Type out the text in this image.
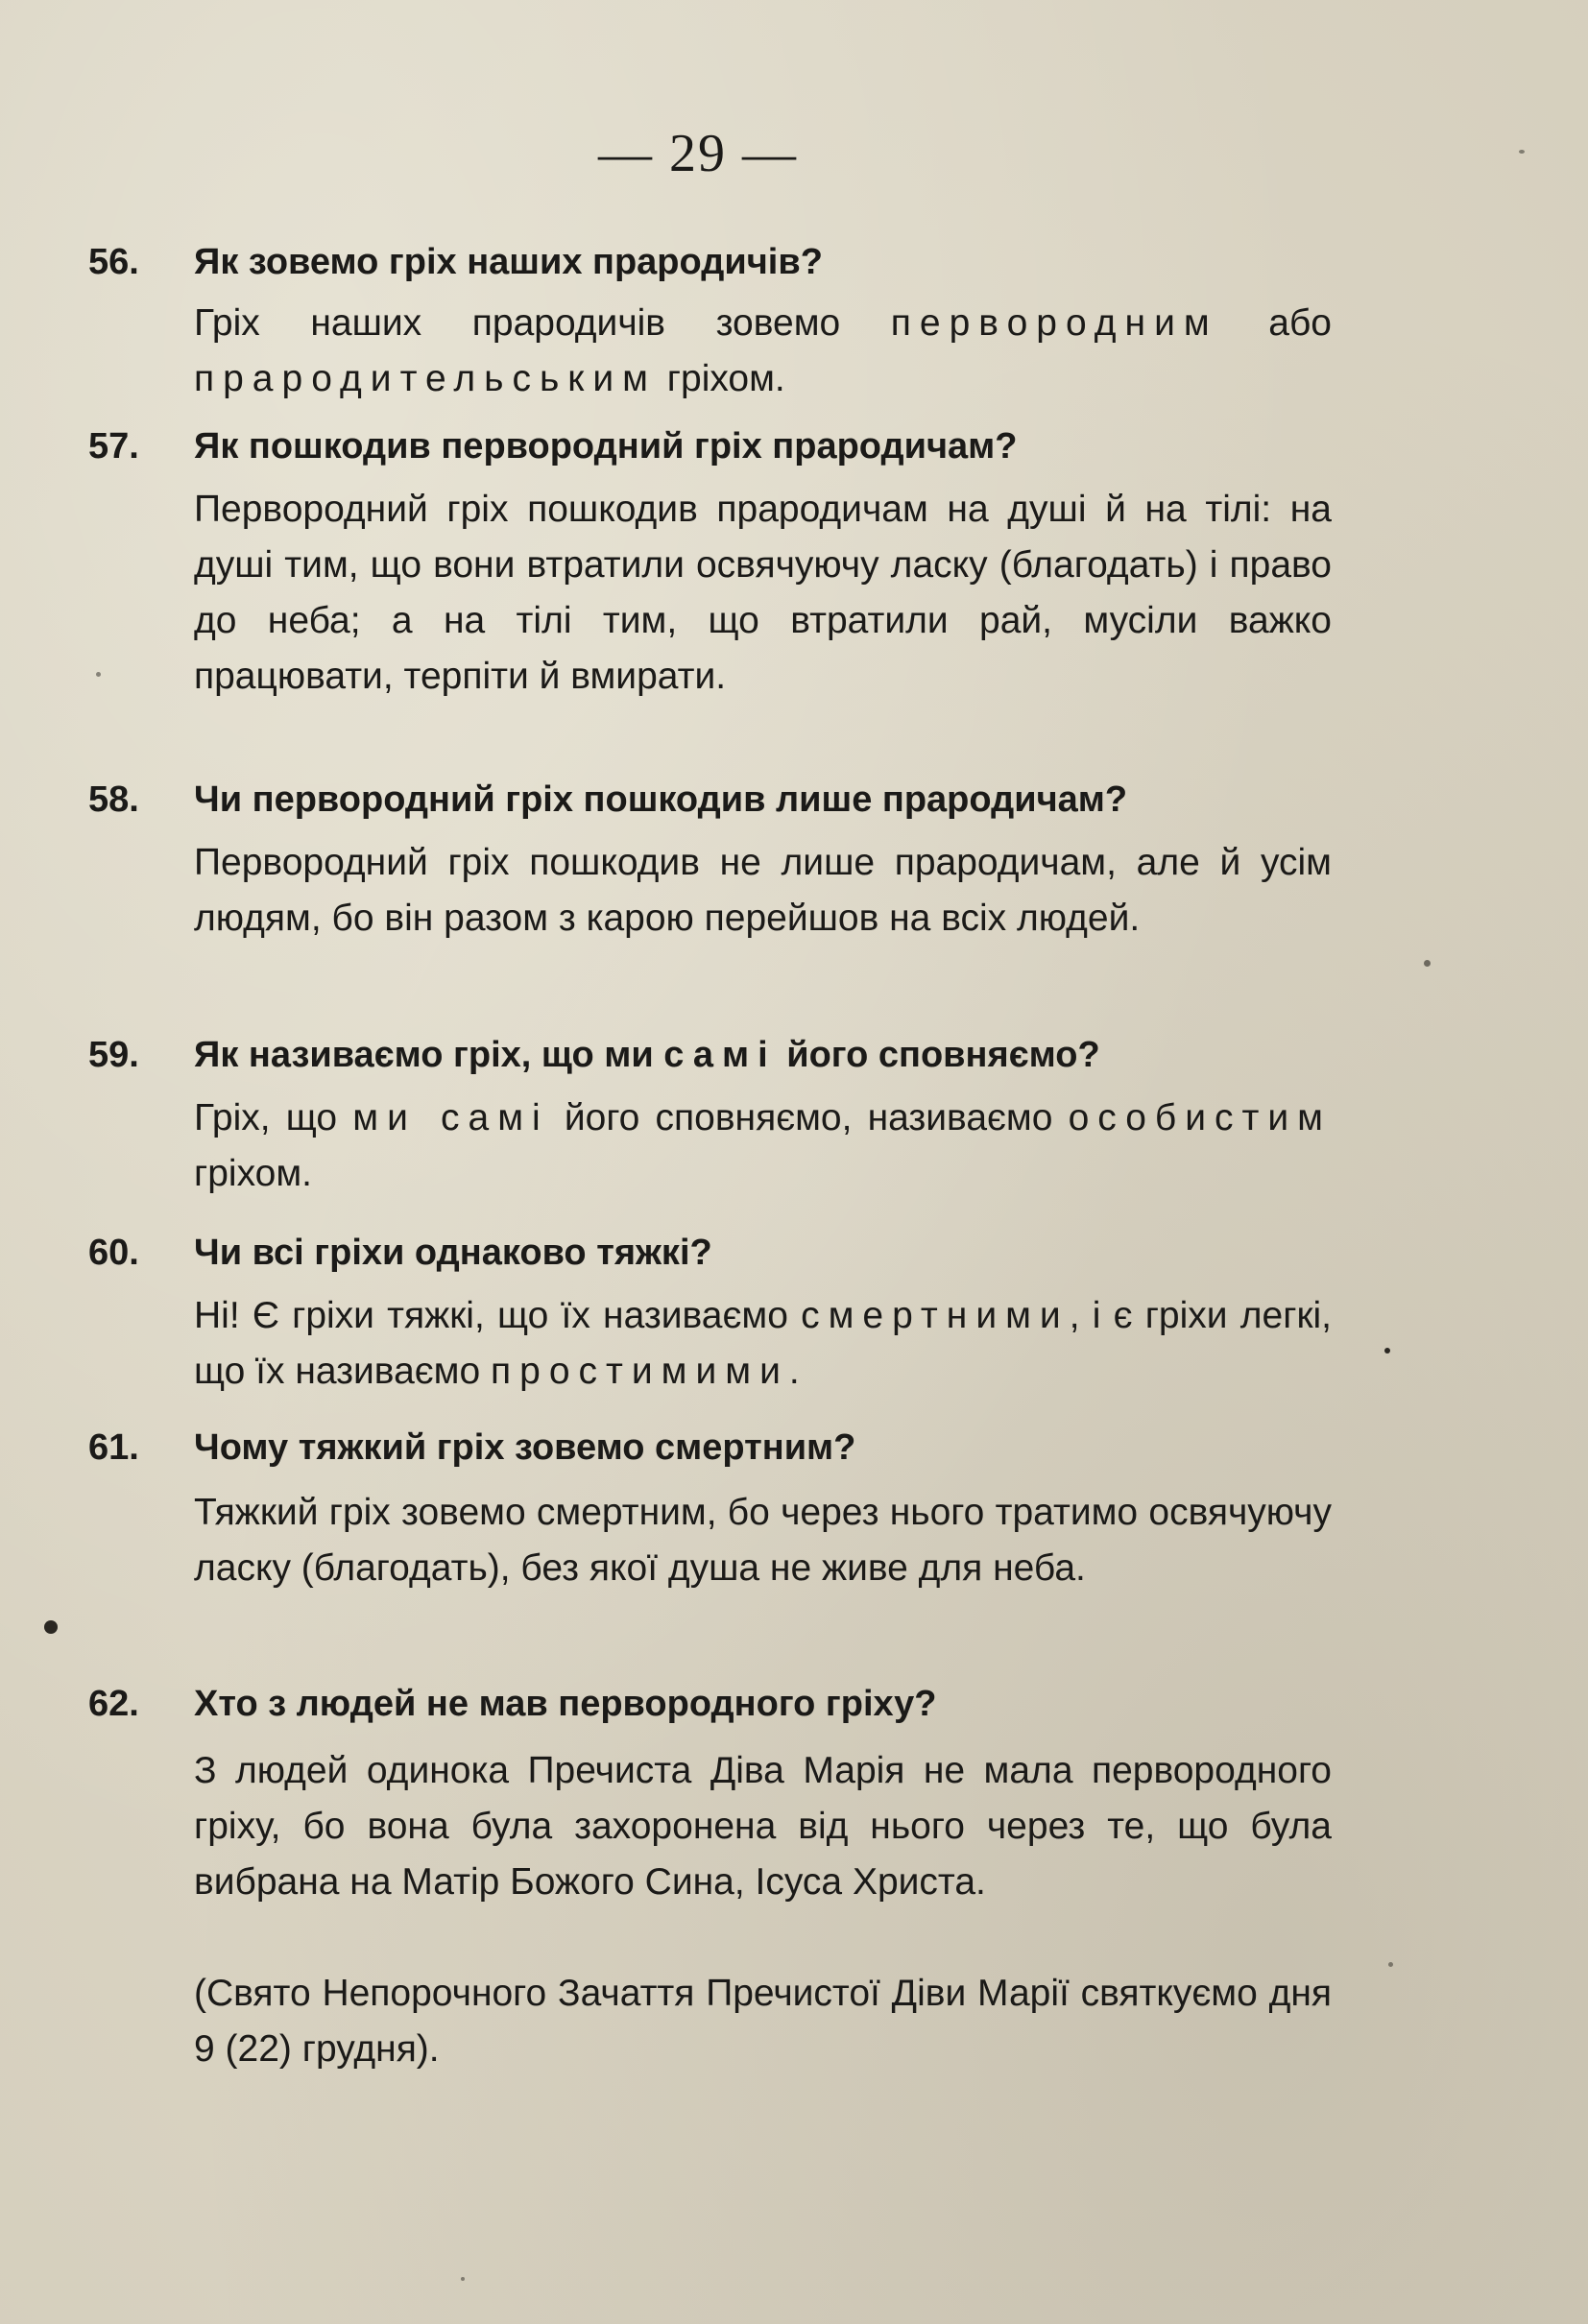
— 29 —
56. Як зовемо гріх наших прародичів?
Гріх наших прародичів зовемо первородним або прародительським гріхом.
57. Як пошкодив первородний гріх прародичам?
Первородний гріх пошкодив прародичам на душі й на тілі: на душі тим, що вони втратили освячуючу ласку (благодать) і право до неба; а на тілі тим, що втратили рай, мусіли важко працювати, терпіти й вмирати.
58. Чи первородний гріх пошкодив лише прародичам?
Первородний гріх пошкодив не лише прародичам, але й усім людям, бо він разом з карою перейшов на всіх людей.
59. Як називаємо гріх, що ми самі його сповняємо?
Гріх, що ми самі його сповняємо, називаємо особистим гріхом.
60. Чи всі гріхи однаково тяжкі?
Ні! Є гріхи тяжкі, що їх називаємо смертними, і є гріхи легкі, що їх називаємо простимими.
61. Чому тяжкий гріх зовемо смертним?
Тяжкий гріх зовемо смертним, бо через нього тратимо освячуючу ласку (благодать), без якої душа не живе для неба.
62. Хто з людей не мав первородного гріху?
З людей одинока Пречиста Діва Марія не мала первородного гріху, бо вона була захоронена від нього через те, що була вибрана на Матір Божого Сина, Ісуса Христа.
(Свято Непорочного Зачаття Пречистої Діви Марії святкуємо дня 9 (22) грудня).
